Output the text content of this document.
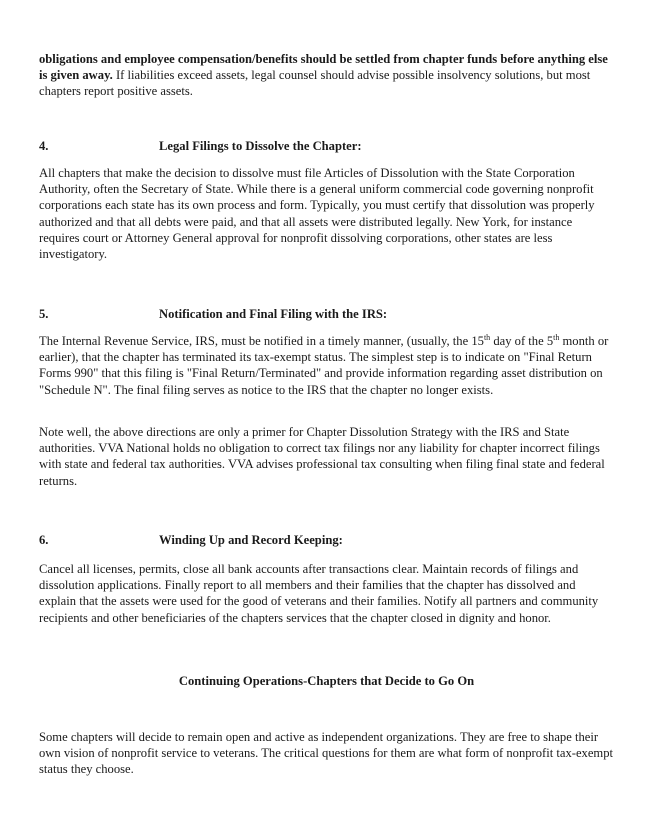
obligations and employee compensation/benefits should be settled from chapter funds before anything else is given away. If liabilities exceed assets, legal counsel should advise possible insolvency solutions, but most chapters report positive assets.

4.	Legal Filings to Dissolve the Chapter:

All chapters that make the decision to dissolve must file Articles of Dissolution with the State Corporation Authority, often the Secretary of State. While there is a general uniform commercial code governing nonprofit corporations each state has its own process and form. Typically, you must certify that dissolution was properly authorized and that all debts were paid, and that all assets were distributed legally. New York, for instance requires court or Attorney General approval for nonprofit dissolving corporations, other states are less investigatory.

5.	Notification and Final Filing with the IRS:

The Internal Revenue Service, IRS, must be notified in a timely manner, (usually, the 15th day of the 5th month or earlier), that the chapter has terminated its tax-exempt status. The simplest step is to indicate on "Final Return Forms 990" that this filing is "Final Return/Terminated" and provide information regarding asset distribution on "Schedule N". The final filing serves as notice to the IRS that the chapter no longer exists.

Note well, the above directions are only a primer for Chapter Dissolution Strategy with the IRS and State authorities. VVA National holds no obligation to correct tax filings nor any liability for chapter incorrect filings with state and federal tax authorities. VVA advises professional tax consulting when filing final state and federal returns.

6.	Winding Up and Record Keeping:

Cancel all licenses, permits, close all bank accounts after transactions clear. Maintain records of filings and dissolution applications. Finally report to all members and their families that the chapter has dissolved and explain that the assets were used for the good of veterans and their families. Notify all partners and community recipients and other beneficiaries of the chapters services that the chapter closed in dignity and honor.

Continuing Operations-Chapters that Decide to Go On

Some chapters will decide to remain open and active as independent organizations. They are free to shape their own vision of nonprofit service to veterans. The critical questions for them are what form of nonprofit tax-exempt status they choose.
